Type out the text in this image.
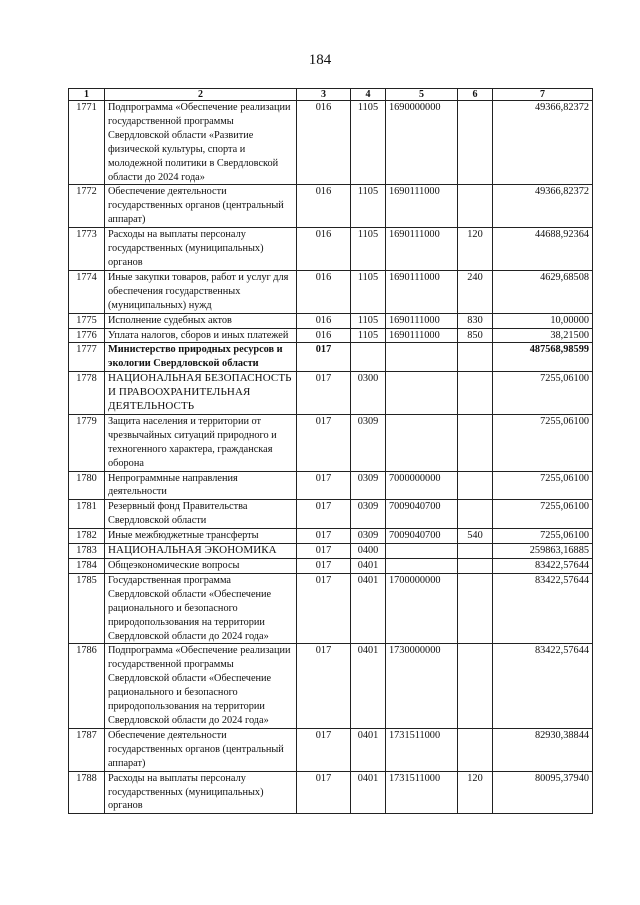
184
1	2	3	4	5	6	7
1771	Подпрограмма «Обеспечение реализации государственной программы Свердловской области «Развитие физической культуры, спорта и молодежной политики в Свердловской области до 2024 года»	016	1105	1690000000		49366,82372
1772	Обеспечение деятельности государственных органов (центральный аппарат)	016	1105	1690111000		49366,82372
1773	Расходы на выплаты персоналу государственных (муниципальных) органов	016	1105	1690111000	120	44688,92364
1774	Иные закупки товаров, работ и услуг для обеспечения государственных (муниципальных) нужд	016	1105	1690111000	240	4629,68508
1775	Исполнение судебных актов	016	1105	1690111000	830	10,00000
1776	Уплата налогов, сборов и иных платежей	016	1105	1690111000	850	38,21500
1777	Министерство природных ресурсов и экологии Свердловской области	017				487568,98599
1778	НАЦИОНАЛЬНАЯ БЕЗОПАСНОСТЬ И ПРАВООХРАНИТЕЛЬНАЯ ДЕЯТЕЛЬНОСТЬ	017	0300			7255,06100
1779	Защита населения и территории от чрезвычайных ситуаций природного и техногенного характера, гражданская оборона	017	0309			7255,06100
1780	Непрограммные направления деятельности	017	0309	7000000000		7255,06100
1781	Резервный фонд Правительства Свердловской области	017	0309	7009040700		7255,06100
1782	Иные межбюджетные трансферты	017	0309	7009040700	540	7255,06100
1783	НАЦИОНАЛЬНАЯ ЭКОНОМИКА	017	0400			259863,16885
1784	Общеэкономические вопросы	017	0401			83422,57644
1785	Государственная программа Свердловской области «Обеспечение рационального и безопасного природопользования на территории Свердловской области до 2024 года»	017	0401	1700000000		83422,57644
1786	Подпрограмма «Обеспечение реализации государственной программы Свердловской области «Обеспечение рационального и безопасного природопользования на территории Свердловской области до 2024 года»	017	0401	1730000000		83422,57644
1787	Обеспечение деятельности государственных органов (центральный аппарат)	017	0401	1731511000		82930,38844
1788	Расходы на выплаты персоналу государственных (муниципальных) органов	017	0401	1731511000	120	80095,37940
